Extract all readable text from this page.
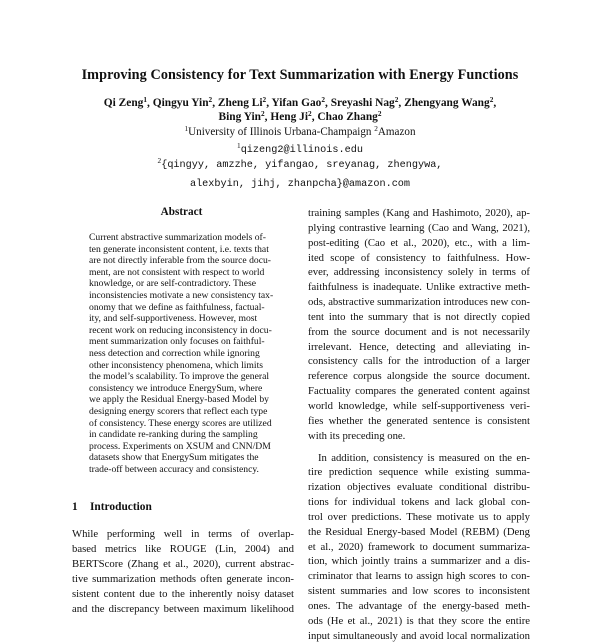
Improving Consistency for Text Summarization with Energy Functions
Qi Zeng$^1$, Qingyu Yin$^2$, Zheng Li$^2$, Yifan Gao$^2$, Sreyashi Nag$^2$, Zhengyang Wang$^2$,
Bing Yin$^2$, Heng Ji$^2$, Chao Zhang$^2$
$^1$University of Illinois Urbana-Champaign $^2$Amazon
$^1$qizeng2@illinois.edu
$^2${qingyy, amzzhe, yifangao, sreyanag, zhengywa,
alexbyin, jihj, zhanpcha}@amazon.com
Abstract
Current abstractive summarization models of-
ten generate inconsistent content, i.e. texts that
are not directly inferable from the source docu-
ment, are not consistent with respect to world
knowledge, or are self-contradictory. These
inconsistencies motivate a new consistency tax-
onomy that we define as faithfulness, factual-
ity, and self-supportiveness. However, most
recent work on reducing inconsistency in docu-
ment summarization only focuses on faithful-
ness detection and correction while ignoring
other inconsistency phenomena, which limits
the model’s scalability. To improve the general
consistency we introduce EnergySum, where
we apply the Residual Energy-based Model by
designing energy scorers that reflect each type
of consistency. These energy scores are utilized
in candidate re-ranking during the sampling
process. Experiments on XSUM and CNN/DM
datasets show that EnergySum mitigates the
trade-off between accuracy and consistency.
1 Introduction
While performing well in terms of overlap-
based metrics like ROUGE (Lin, 2004) and
BERTScore (Zhang et al., 2020), current abstrac-
tive summarization methods often generate incon-
sistent content due to the inherently noisy dataset
and the discrepancy between maximum likelihood
training samples (Kang and Hashimoto, 2020), ap-
plying contrastive learning (Cao and Wang, 2021),
post-editing (Cao et al., 2020), etc., with a lim-
ited scope of consistency to faithfulness. How-
ever, addressing inconsistency solely in terms of
faithfulness is inadequate. Unlike extractive meth-
ods, abstractive summarization introduces new con-
tent into the summary that is not directly copied
from the source document and is not necessarily
irrelevant. Hence, detecting and alleviating in-
consistency calls for the introduction of a larger
reference corpus alongside the source document.
Factuality compares the generated content against
world knowledge, while self-supportiveness veri-
fies whether the generated sentence is consistent
with its preceding one.
In addition, consistency is measured on the en-
tire prediction sequence while existing summa-
rization objectives evaluate conditional distribu-
tions for individual tokens and lack global con-
trol over predictions. These motivate us to apply
the Residual Energy-based Model (REBM) (Deng
et al., 2020) framework to document summariza-
tion, which jointly trains a summarizer and a dis-
criminator that learns to assign high scores to con-
sistent summaries and low scores to inconsistent
ones. The advantage of the energy-based meth-
ods (He et al., 2021) is that they score the entire
input simultaneously and avoid local normalization
